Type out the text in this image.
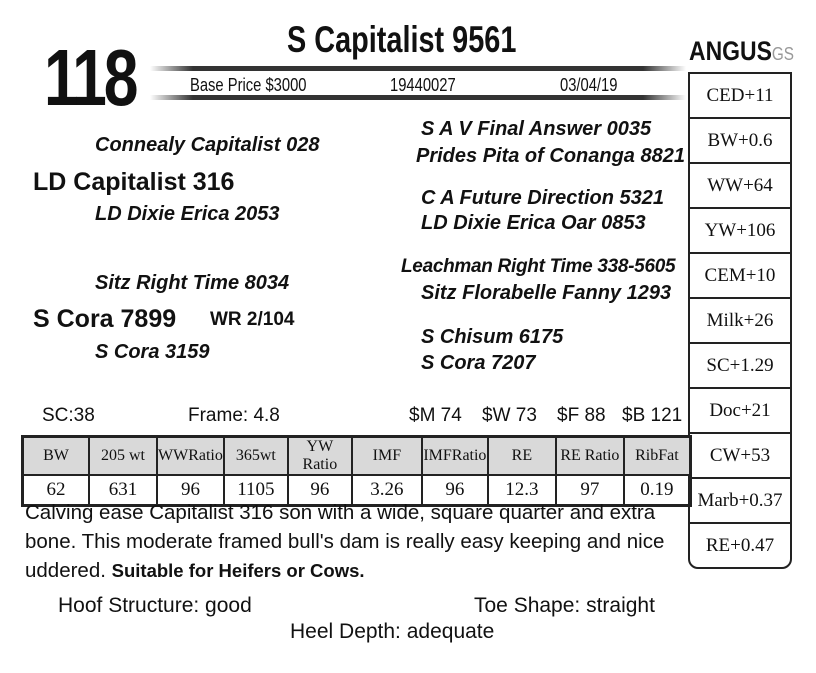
118	S Capitalist 9561
Base Price $3000	19440027	03/04/19
ANGUSGS
Connealy Capitalist 028
LD Capitalist 316
LD Dixie Erica 2053
S A V Final Answer 0035
Prides Pita of Conanga 8821
C A Future Direction 5321
LD Dixie Erica Oar 0853
Sitz Right Time 8034
S Cora 7899 WR 2/104
S Cora 3159
Leachman Right Time 338-5605
Sitz Florabelle Fanny 1293
S Chisum 6175
S Cora 7207
CED+11
BW+0.6
WW+64
YW+106
CEM+10
Milk+26
SC+1.29
Doc+21
CW+53
Marb+0.37
RE+0.47
SC:38	Frame: 4.8	$M 74 $W 73 $F 88 $B 121
BW	205 wt	WWRatio	365wt	YW Ratio	IMF	IMFRatio	RE	RE Ratio	RibFat
62	631	96	1105	96	3.26	96	12.3	97	0.19
Calving ease Capitalist 316 son with a wide, square quarter and extra bone. This moderate framed bull's dam is really easy keeping and nice uddered. Suitable for Heifers or Cows.
Hoof Structure: good	Toe Shape: straight
Heel Depth: adequate
